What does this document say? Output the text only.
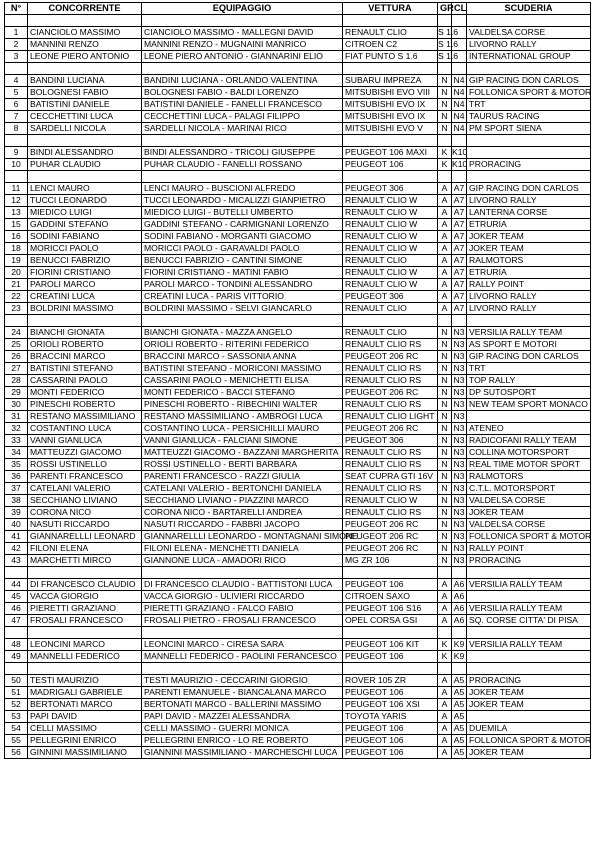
N°	CONCORRENTE	EQUIPAGGIO	VETTURA	GR	CL	SCUDERIA

1	CIANCIOLO MASSIMO	CIANCIOLO MASSIMO - MALLEGNI DAVID	RENAULT CLIO	S 1.6		VALDELSA CORSE
2	MANNINI RENZO	MANNINI RENZO - MUGNAINI MANRICO	CITROEN C2	S 1.6		LIVORNO RALLY
3	LEONE PIERO ANTONIO	LEONE PIERO ANTONIO - GIANNARINI ELIO	FIAT PUNTO S 1.6	S 1.6		INTERNATIONAL GROUP

4	BANDINI LUCIANA	BANDINI LUCIANA - ORLANDO VALENTINA	SUBARU IMPREZA	N	N4	GIP RACING DON CARLOS
5	BOLOGNESI FABIO	BOLOGNESI FABIO - BALDI LORENZO	MITSUBISHI EVO VIII	N	N4	FOLLONICA SPORT & MOTOR
6	BATISTINI DANIELE	BATISTINI DANIELE - FANELLI FRANCESCO	MITSUBISHI EVO IX	N	N4	TRT
7	CECCHETTINI LUCA	CECCHETTINI LUCA - PALAGI FILIPPO	MITSUBISHI EVO IX	N	N4	TAURUS RACING
8	SARDELLI NICOLA	SARDELLI NICOLA - MARINAI RICO	MITSUBISHI EVO V	N	N4	PM SPORT SIENA

9	BINDI ALESSANDRO	BINDI ALESSANDRO - TRICOLI GIUSEPPE	PEUGEOT 106 MAXI	K	K10	
10	PUHAR CLAUDIO	PUHAR CLAUDIO - FANELLI ROSSANO	PEUGEOT 106	K	K10	PRORACING

11	LENCI MAURO	LENCI MAURO - BUSCIONI ALFREDO	PEUGEOT 306	A	A7	GIP RACING DON CARLOS
12	TUCCI LEONARDO	TUCCI LEONARDO - MICALIZZI GIANPIETRO	RENAULT CLIO W	A	A7	LIVORNO RALLY
13	MIEDICO LUIGI	MIEDICO LUIGI - BUTELLI UMBERTO	RENAULT CLIO W	A	A7	LANTERNA CORSE
15	GADDINI STEFANO	GADDINI STEFANO - CARMIGNANI LORENZO	RENAULT CLIO W	A	A7	ETRURIA
16	SODINI FABIANO	SODINI FABIANO - MORGANTI GIACOMO	RENAULT CLIO W	A	A7	JOKER TEAM
18	MORICCI PAOLO	MORICCI PAOLO - GARAVALDI PAOLO	RENAULT CLIO W	A	A7	JOKER TEAM
19	BENUCCI FABRIZIO	BENUCCI FABRIZIO - CANTINI SIMONE	RENAULT CLIO	A	A7	RALMOTORS
20	FIORINI CRISTIANO	FIORINI CRISTIANO - MATINI FABIO	RENAULT CLIO W	A	A7	ETRURIA
21	PAROLI MARCO	PAROLI MARCO - TONDINI ALESSANDRO	RENAULT CLIO W	A	A7	RALLY POINT
22	CREATINI LUCA	CREATINI LUCA - PARIS VITTORIO	PEUGEOT 306	A	A7	LIVORNO RALLY
23	BOLDRINI MASSIMO	BOLDRINI MASSIMO - SELVI GIANCARLO	RENAULT CLIO	A	A7	LIVORNO RALLY

24	BIANCHI GIONATA	BIANCHI GIONATA - MAZZA ANGELO	RENAULT CLIO	N	N3	VERSILIA RALLY TEAM
25	ORIOLI ROBERTO	ORIOLI ROBERTO - RITERINI FEDERICO	RENAULT CLIO RS	N	N3	AS SPORT E MOTORI
26	BRACCINI MARCO	BRACCINI MARCO - SASSONIA ANNA	PEUGEOT 206 RC	N	N3	GIP RACING DON CARLOS
27	BATISTINI STEFANO	BATISTINI STEFANO - MORICONI MASSIMO	RENAULT CLIO RS	N	N3	TRT
28	CASSARINI PAOLO	CASSARINI PAOLO - MENICHETTI ELISA	RENAULT CLIO RS	N	N3	TOP RALLY
29	MONTI FEDERICO	MONTI FEDERICO - BACCI STEFANO	PEUGEOT 206 RC	N	N3	DP SUTOSPORT
30	PINESCHI ROBERTO	PINESCHI ROBERTO - RIBECHINI WALTER	RENAULT CLIO RS	N	N3	NEW TEAM SPORT MONACO
31	RESTANO MASSIMILIANO	RESTANO MASSIMILIANO - AMBROGI LUCA	RENAULT CLIO LIGHT	N	N3	
32	COSTANTINO LUCA	COSTANTINO LUCA - PERSICHILLI MAURO	PEUGEOT 206 RC	N	N3	ATENEO
33	VANNI GIANLUCA	VANNI GIANLUCA - FALCIANI SIMONE	PEUGEOT 306	N	N3	RADICOFANI RALLY TEAM
34	MATTEUZZI GIACOMO	MATTEUZZI GIACOMO - BAZZANI MARGHERITA	RENAULT CLIO RS	N	N3	COLLINA MOTORSPORT
35	ROSSI USTINELLO	ROSSI USTINELLO - BERTI BARBARA	RENAULT CLIO RS	N	N3	REAL TIME MOTOR SPORT
36	PARENTI FRANCESCO	PARENTI FRANCESCO - RAZZI GIULIA	SEAT CUPRA GTI 16V	N	N3	RALMOTORS
37	CATELANI VALERIO	CATELANI VALERIO - BERTONCHI DANIELA	RENAULT CLIO RS	N	N3	C.T.L. MOTORSPORT
38	SECCHIANO LIVIANO	SECCHIANO LIVIANO - PIAZZINI MARCO	RENAULT CLIO W	N	N3	VALDELSA CORSE
39	CORONA NICO	CORONA NICO - BARTARELLI ANDREA	RENAULT CLIO RS	N	N3	JOKER TEAM
40	NASUTI RICCARDO	NASUTI RICCARDO - FABBRI JACOPO	PEUGEOT 206 RC	N	N3	VALDELSA CORSE
41	GIANNARELLLI LEONARD	GIANNARELLLI LEONARDO - MONTAGNANI SIMONE	PEUGEOT 206 RC	N	N3	FOLLONICA SPORT & MOTOR
42	FILONI ELENA	FILONI ELENA - MENCHETTI DANIELA	PEUGEOT 206 RC	N	N3	RALLY POINT
43	MARCHETTI MIRCO	GIANNONE LUCA - AMADORI RICO	MG ZR 106	N	N3	PRORACING

44	DI FRANCESCO CLAUDIO	DI FRANCESCO CLAUDIO - BATTISTONI LUCA	PEUGEOT 106	A	A6	VERSILIA RALLY TEAM
45	VACCA GIORGIO	VACCA GIORGIO - ULIVIERI RICCARDO	CITROEN SAXO	A	A6	
46	PIERETTI GRAZIANO	PIERETTI GRAZIANO - FALCO FABIO	PEUGEOT 106 S16	A	A6	VERSILIA RALLY TEAM
47	FROSALI FRANCESCO	FROSALI PIETRO - FROSALI FRANCESCO	OPEL CORSA GSI	A	A6	SQ. CORSE CITTA' DI PISA

48	LEONCINI MARCO	LEONCINI MARCO - CIRESA SARA	PEUGEOT 106 KIT	K	K9	VERSILIA RALLY TEAM
49	MANNELLI FEDERICO	MANNELLI FEDERICO - PAOLINI FERANCESCO	PEUGEOT 106	K	K9	

50	TESTI MAURIZIO	TESTI MAURIZIO - CECCARINI GIORGIO	ROVER 105 ZR	A	A5	PRORACING
51	MADRIGALI GABRIELE	PARENTI EMANUELE - BIANCALANA MARCO	PEUGEOT 106	A	A5	JOKER TEAM
52	BERTONATI MARCO	BERTONATI MARCO - BALLERINI MASSIMO	PEUGEOT 106 XSI	A	A5	JOKER TEAM
53	PAPI DAVID	PAPI DAVID - MAZZEI ALESSANDRA	TOYOTA YARIS	A	A5	
54	CELLI MASSIMO	CELLI MASSIMO - GUERRI MONICA	PEUGEOT 106	A	A5	DUEMILA
55	PELLEGRINI ENRICO	PELLEGRINI ENRICO - LO RE ROBERTO	PEUGEOT 106	A	A5	FOLLONICA SPORT & MOTOR
56	GINNINI MASSIMILIANO	GIANNINI MASSIMILIANO - MARCHESCHI LUCA	PEUGEOT 106	A	A5	JOKER TEAM
